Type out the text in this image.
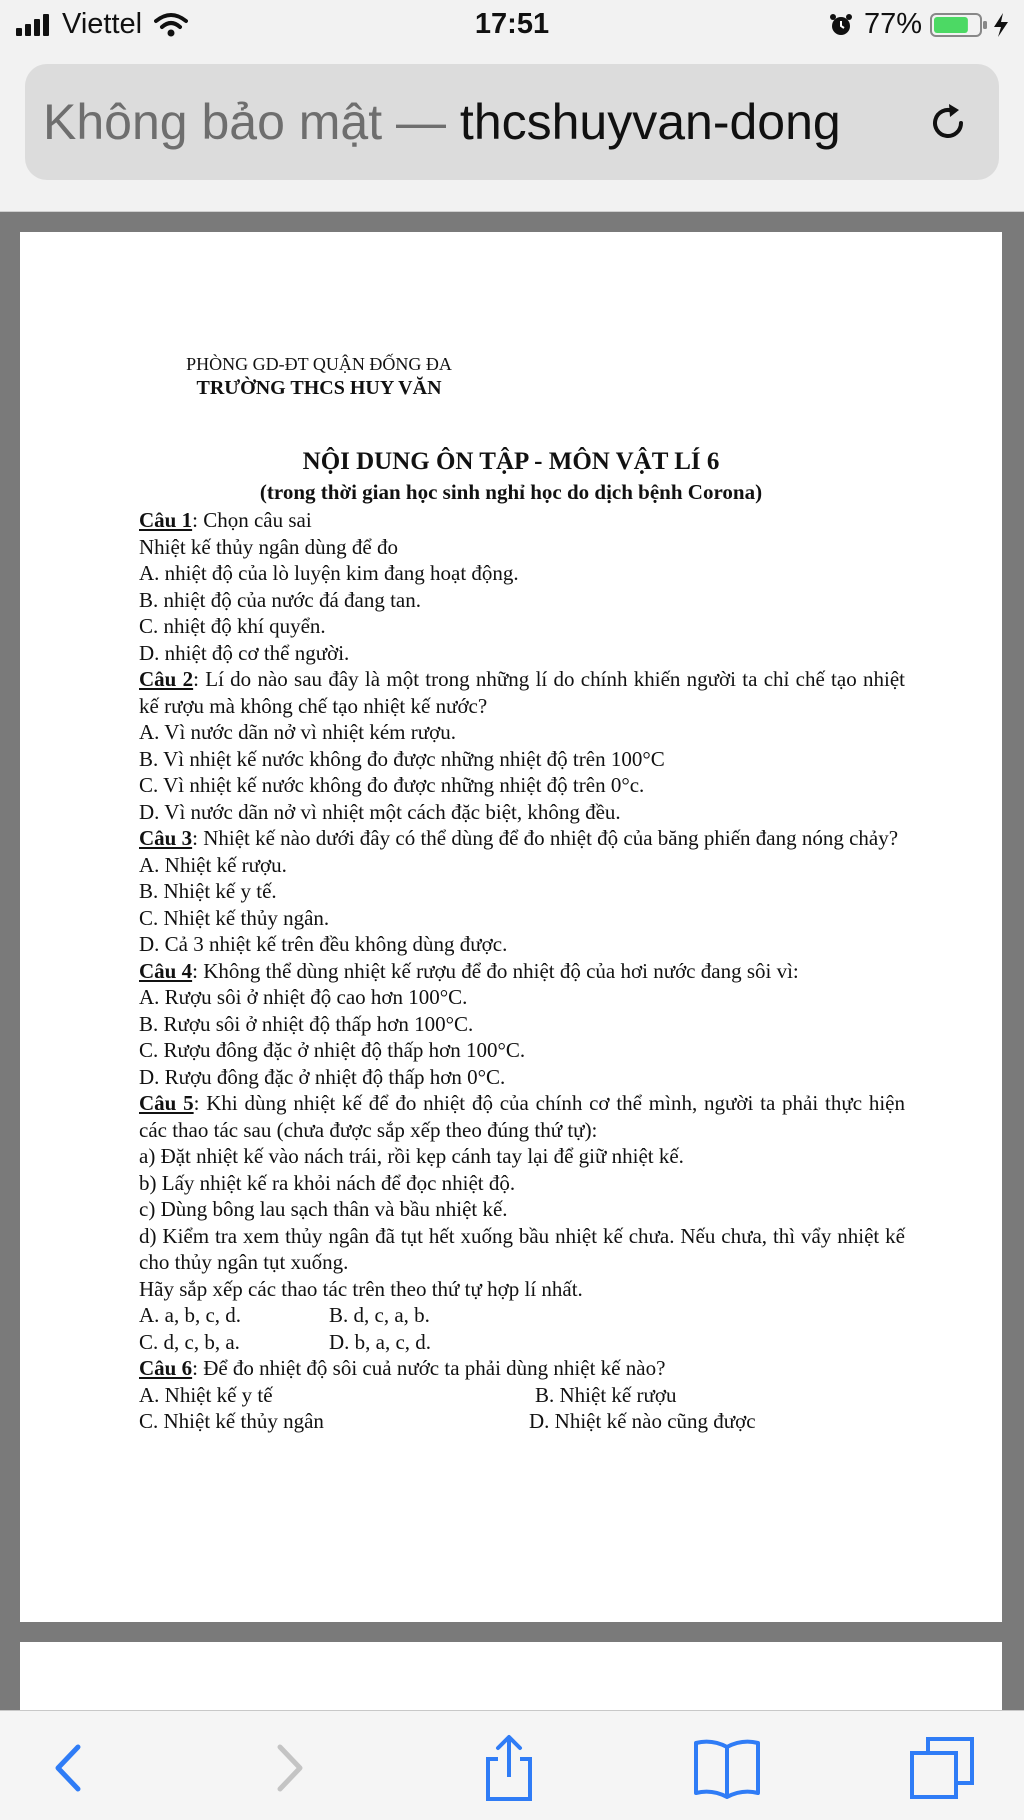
Viettel	17:51	77%
Không bảo mật — thcshuyvan-dong
PHÒNG GD-ĐT QUẬN ĐỐNG ĐA
TRƯỜNG THCS HUY VĂN
NỘI DUNG ÔN TẬP - MÔN VẬT LÍ 6
(trong thời gian học sinh nghỉ học do dịch bệnh Corona)
Câu 1: Chọn câu sai
Nhiệt kế thủy ngân dùng để đo
A. nhiệt độ của lò luyện kim đang hoạt động.
B. nhiệt độ của nước đá đang tan.
C. nhiệt độ khí quyển.
D. nhiệt độ cơ thể người.
Câu 2: Lí do nào sau đây là một trong những lí do chính khiến người ta chỉ chế tạo nhiệt kế rượu mà không chế tạo nhiệt kế nước?
A. Vì nước dãn nở vì nhiệt kém rượu.
B. Vì nhiệt kế nước không đo được những nhiệt độ trên 100°C
C. Vì nhiệt kế nước không đo được những nhiệt độ trên 0°c.
D. Vì nước dãn nở vì nhiệt một cách đặc biệt, không đều.
Câu 3: Nhiệt kế nào dưới đây có thể dùng để đo nhiệt độ của băng phiến đang nóng chảy?
A. Nhiệt kế rượu.
B. Nhiệt kế y tế.
C. Nhiệt kế thủy ngân.
D. Cả 3 nhiệt kế trên đều không dùng được.
Câu 4: Không thể dùng nhiệt kế rượu để đo nhiệt độ của hơi nước đang sôi vì:
A. Rượu sôi ở nhiệt độ cao hơn 100°C.
B. Rượu sôi ở nhiệt độ thấp hơn 100°C.
C. Rượu đông đặc ở nhiệt độ thấp hơn 100°C.
D. Rượu đông đặc ở nhiệt độ thấp hơn 0°C.
Câu 5: Khi dùng nhiệt kế để đo nhiệt độ của chính cơ thể mình, người ta phải thực hiện các thao tác sau (chưa được sắp xếp theo đúng thứ tự):
a) Đặt nhiệt kế vào nách trái, rồi kẹp cánh tay lại để giữ nhiệt kế.
b) Lấy nhiệt kế ra khỏi nách để đọc nhiệt độ.
c) Dùng bông lau sạch thân và bầu nhiệt kế.
d) Kiểm tra xem thủy ngân đã tụt hết xuống bầu nhiệt kế chưa. Nếu chưa, thì vẩy nhiệt kế cho thủy ngân tụt xuống.
Hãy sắp xếp các thao tác trên theo thứ tự hợp lí nhất.
A. a, b, c, d.	B. d, c, a, b.
C. d, c, b, a.	D. b, a, c, d.
Câu 6: Để đo nhiệt độ sôi cuả nước ta phải dùng nhiệt kế nào?
A. Nhiệt kế y tế	B. Nhiệt kế rượu
C. Nhiệt kế thủy ngân	D. Nhiệt kế nào cũng được
